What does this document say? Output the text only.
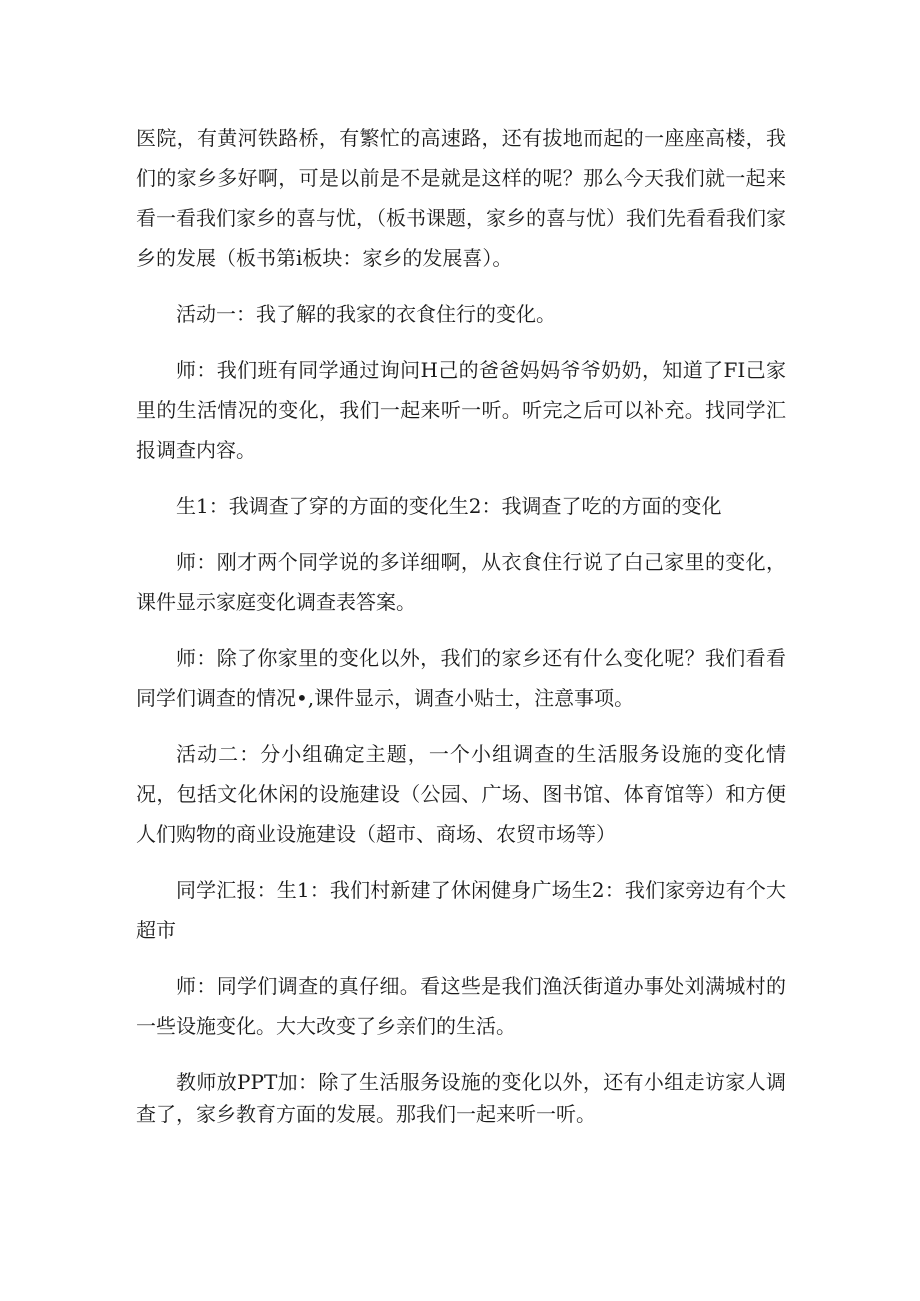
医院，有黄河铁路桥，有繁忙的高速路，还有拔地而起的一座座高楼，我们的家乡多好啊，可是以前是不是就是这样的呢？那么今天我们就一起来看一看我们家乡的喜与忧，（板书课题，家乡的喜与忧）我们先看看我们家乡的发展（板书第i板块：家乡的发展喜）。

活动一：我了解的我家的衣食住行的变化。

师：我们班有同学通过询问H己的爸爸妈妈爷爷奶奶，知道了FI己家里的生活情况的变化，我们一起来听一听。听完之后可以补充。找同学汇报调查内容。

生1：我调查了穿的方面的变化生2：我调查了吃的方面的变化

师：刚才两个同学说的多详细啊，从衣食住行说了白己家里的变化，课件显示家庭变化调查表答案。

师：除了你家里的变化以外，我们的家乡还有什么变化呢？我们看看同学们调查的情况•,课件显示，调查小贴士，注意事项。

活动二：分小组确定主题，一个小组调查的生活服务设施的变化情况，包括文化休闲的设施建设（公园、广场、图书馆、体育馆等）和方便人们购物的商业设施建设（超市、商场、农贸市场等）

同学汇报：生1：我们村新建了休闲健身广场生2：我们家旁边有个大超市

师：同学们调查的真仔细。看这些是我们渔沃街道办事处刘满城村的一些设施变化。大大改变了乡亲们的生活。

教师放PPT加：除了生活服务设施的变化以外，还有小组走访家人调查了，家乡教育方面的发展。那我们一起来听一听。
